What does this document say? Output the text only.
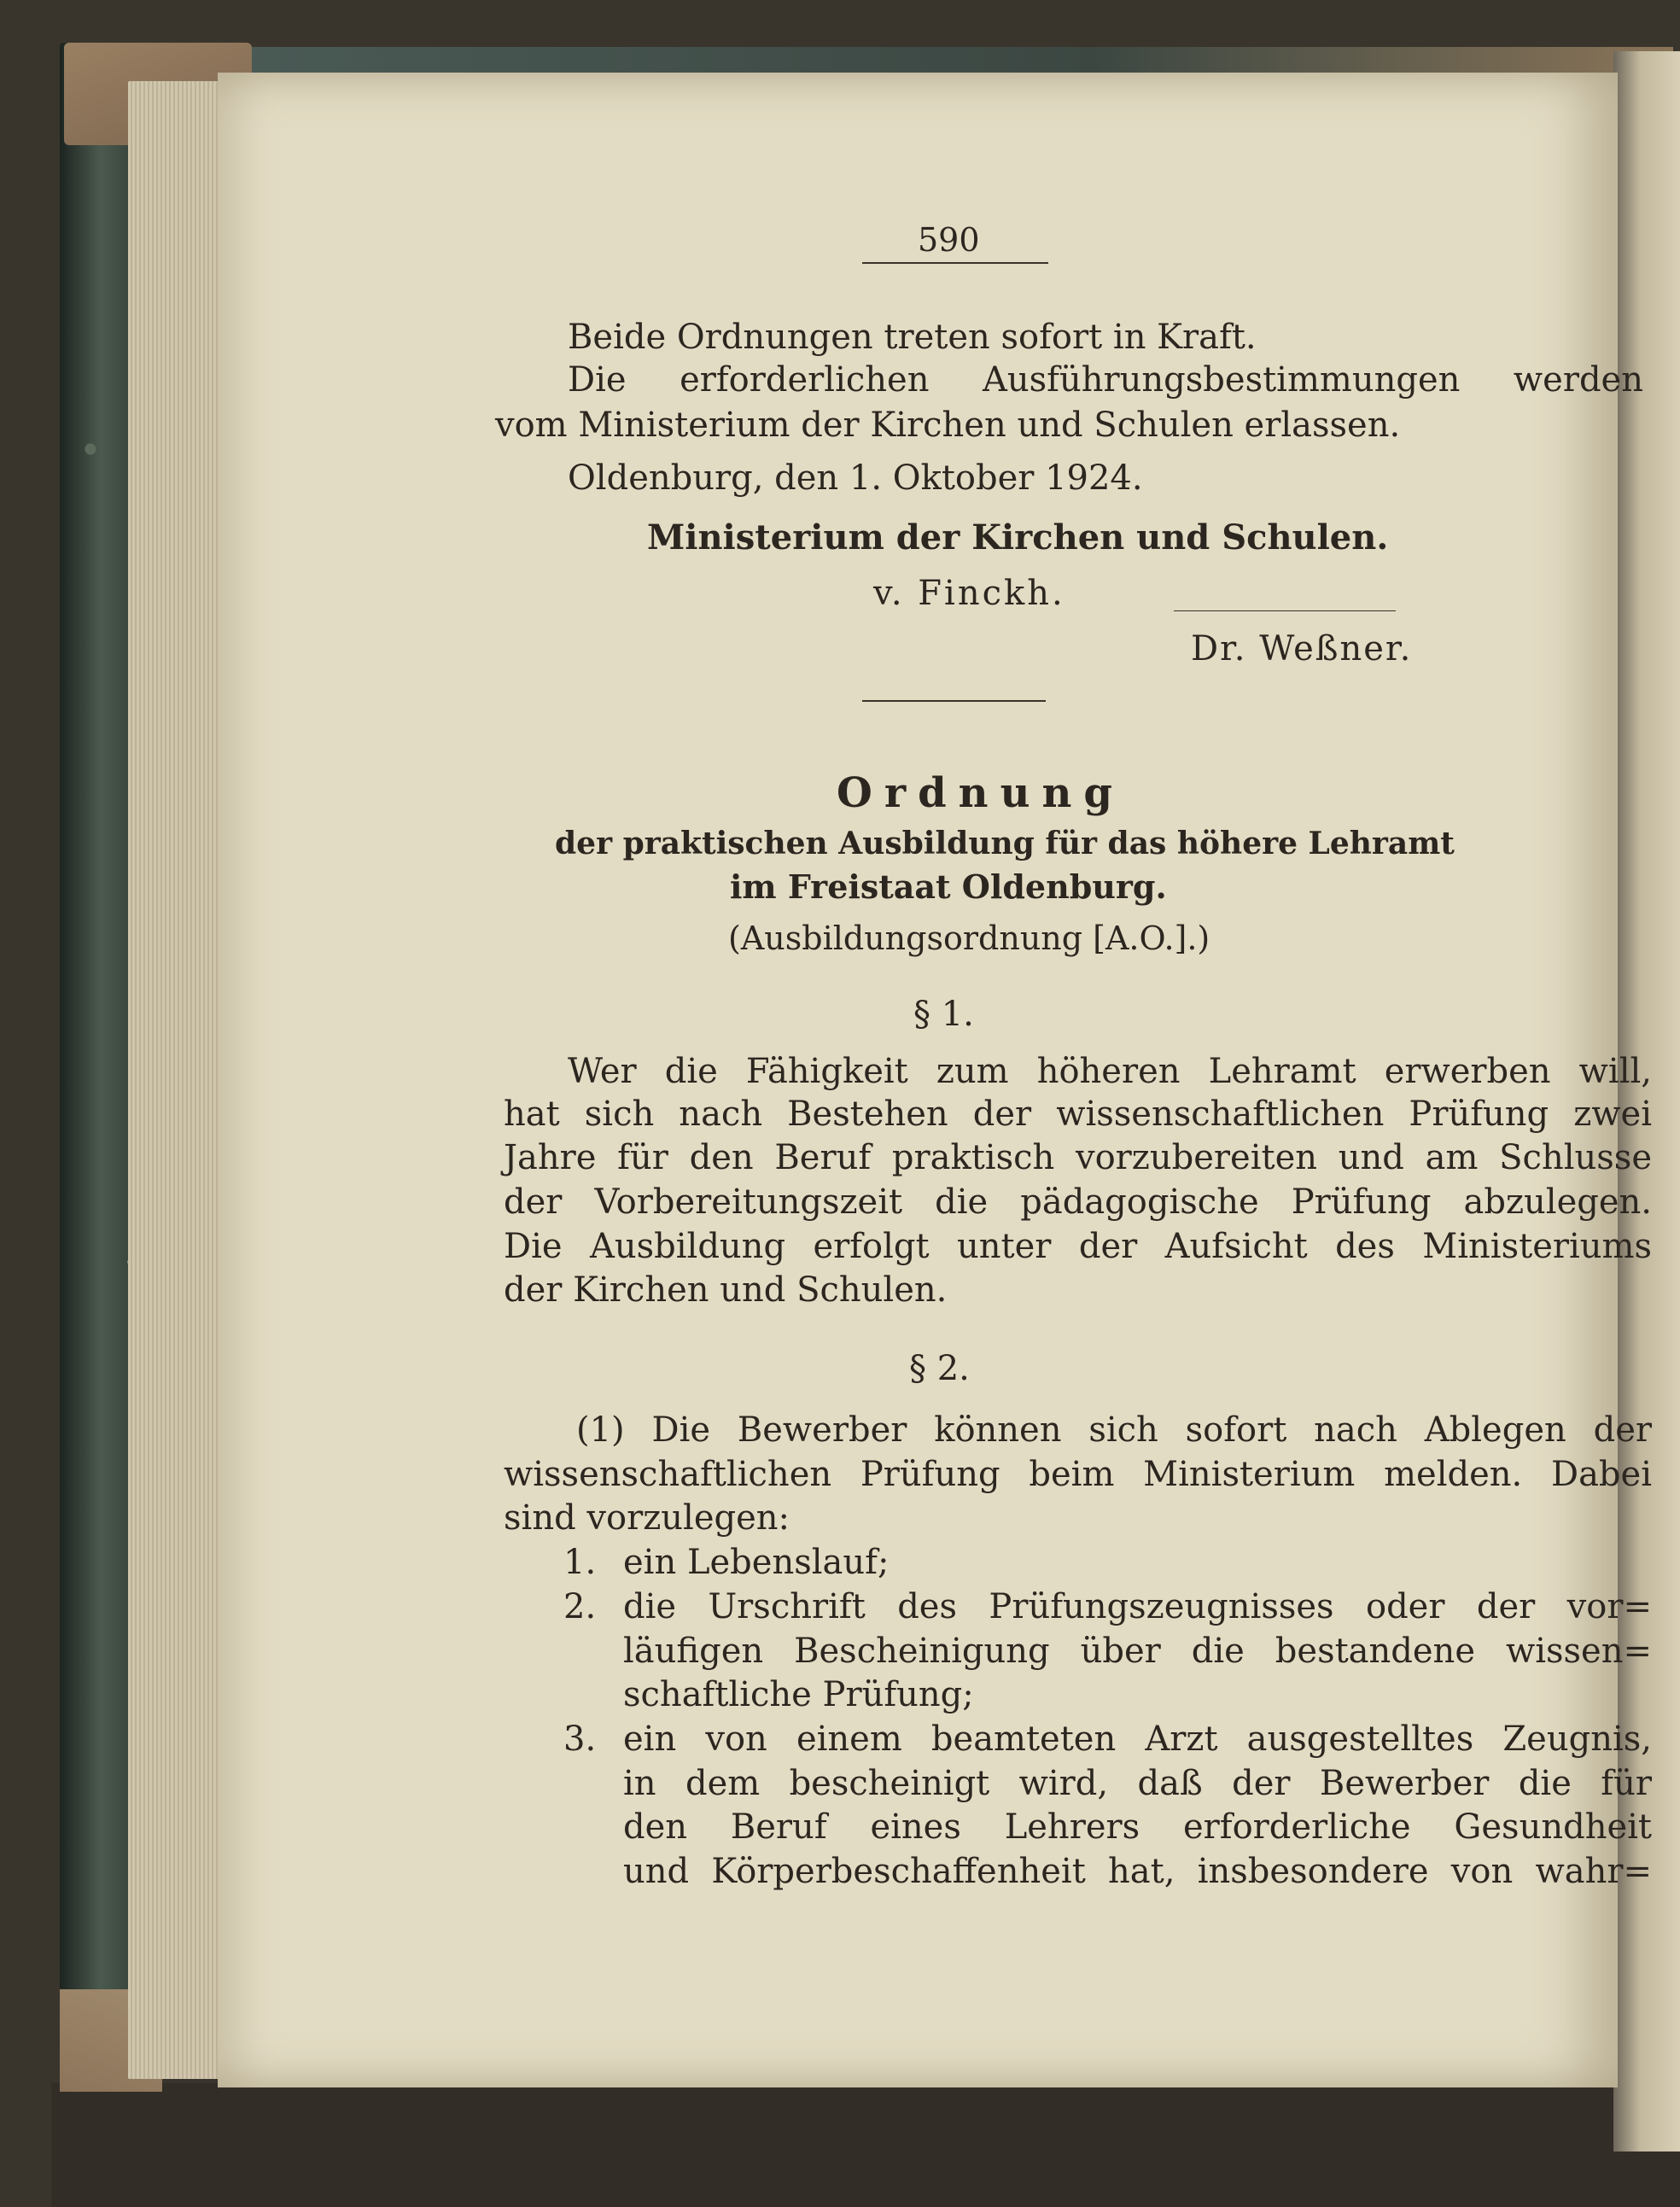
590
Beide Ordnungen treten sofort in Kraft.
Die erforderlichen Ausführungsbestimmungen werden
vom Ministerium der Kirchen und Schulen erlassen.
Oldenburg, den 1. Oktober 1924.
Ministerium der Kirchen und Schulen.
v. Finckh.
Dr. Weßner.
Ordnung
der praktischen Ausbildung für das höhere Lehramt
im Freistaat Oldenburg.
(Ausbildungsordnung [A.O.].)
§ 1.
Wer die Fähigkeit zum höheren Lehramt erwerben will,
hat sich nach Bestehen der wissenschaftlichen Prüfung zwei
Jahre für den Beruf praktisch vorzubereiten und am Schlusse
der Vorbereitungszeit die pädagogische Prüfung abzulegen.
Die Ausbildung erfolgt unter der Aufsicht des Ministeriums
der Kirchen und Schulen.
§ 2.
(1) Die Bewerber können sich sofort nach Ablegen der
wissenschaftlichen Prüfung beim Ministerium melden. Dabei
sind vorzulegen:
1. ein Lebenslauf;
2. die Urschrift des Prüfungszeugnisses oder der vor=
läufigen Bescheinigung über die bestandene wissen=
schaftliche Prüfung;
3. ein von einem beamteten Arzt ausgestelltes Zeugnis,
in dem bescheinigt wird, daß der Bewerber die für
den Beruf eines Lehrers erforderliche Gesundheit
und Körperbeschaffenheit hat, insbesondere von wahr=
